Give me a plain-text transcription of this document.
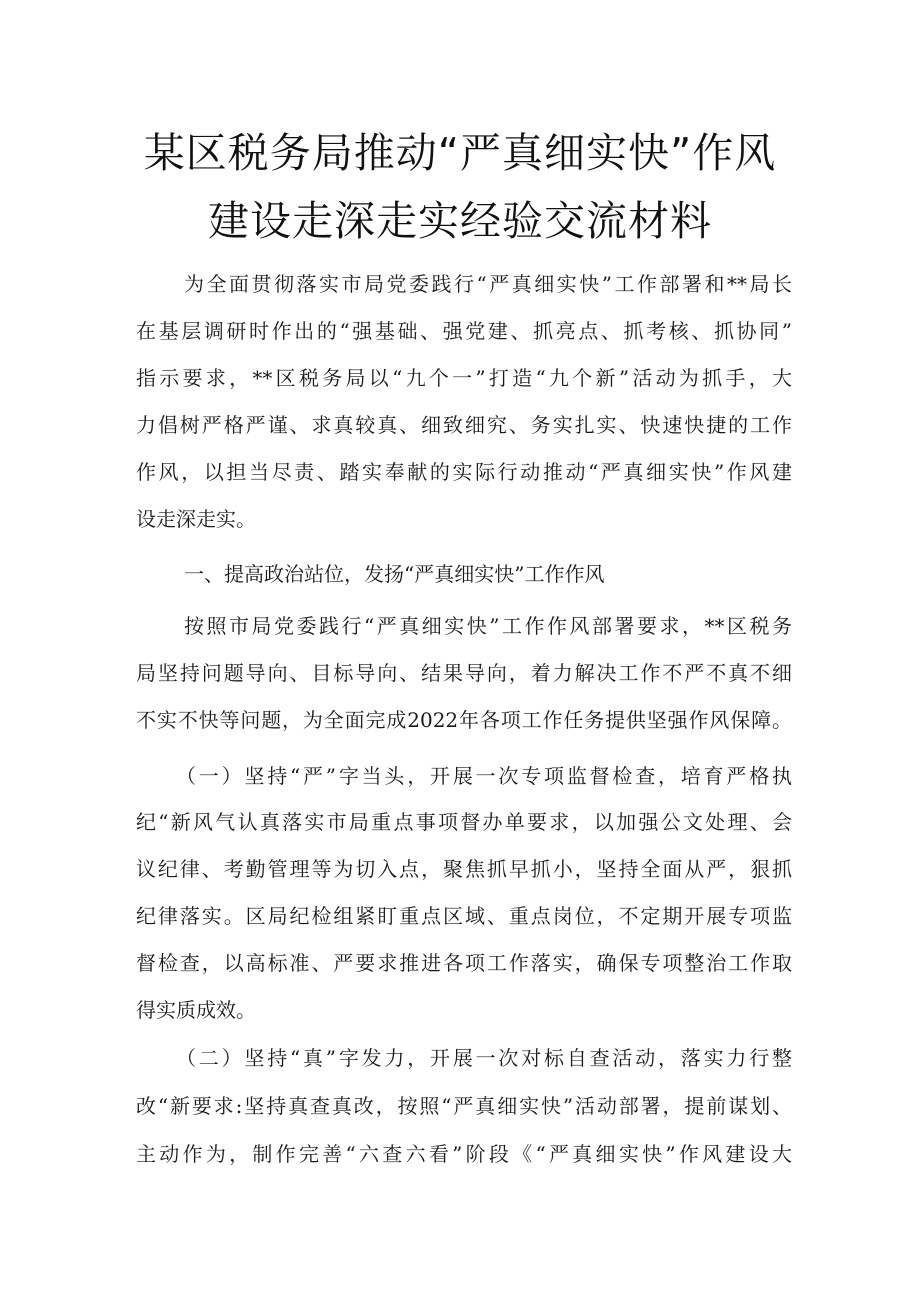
某区税务局推动“严真细实快”作风
建设走深走实经验交流材料
为全面贯彻落实市局党委践行“严真细实快”工作部署和**局长
在基层调研时作出的“强基础、强党建、抓亮点、抓考核、抓协同”
指示要求，**区税务局以“九个一”打造“九个新”活动为抓手，大
力倡树严格严谨、求真较真、细致细究、务实扎实、快速快捷的工作
作风，以担当尽责、踏实奉献的实际行动推动“严真细实快”作风建
设走深走实。
一、提高政治站位，发扬“严真细实快”工作作风
按照市局党委践行“严真细实快”工作作风部署要求，**区税务
局坚持问题导向、目标导向、结果导向，着力解决工作不严不真不细
不实不快等问题，为全面完成2022年各项工作任务提供坚强作风保障。
（一）坚持“严”字当头，开展一次专项监督检查，培育严格执
纪“新风气认真落实市局重点事项督办单要求，以加强公文处理、会
议纪律、考勤管理等为切入点，聚焦抓早抓小，坚持全面从严，狠抓
纪律落实。区局纪检组紧盯重点区域、重点岗位，不定期开展专项监
督检查，以高标准、严要求推进各项工作落实，确保专项整治工作取
得实质成效。
（二）坚持“真”字发力，开展一次对标自查活动，落实力行整
改“新要求:坚持真查真改，按照“严真细实快”活动部署，提前谋划、
主动作为，制作完善“六查六看”阶段《“严真细实快”作风建设大
